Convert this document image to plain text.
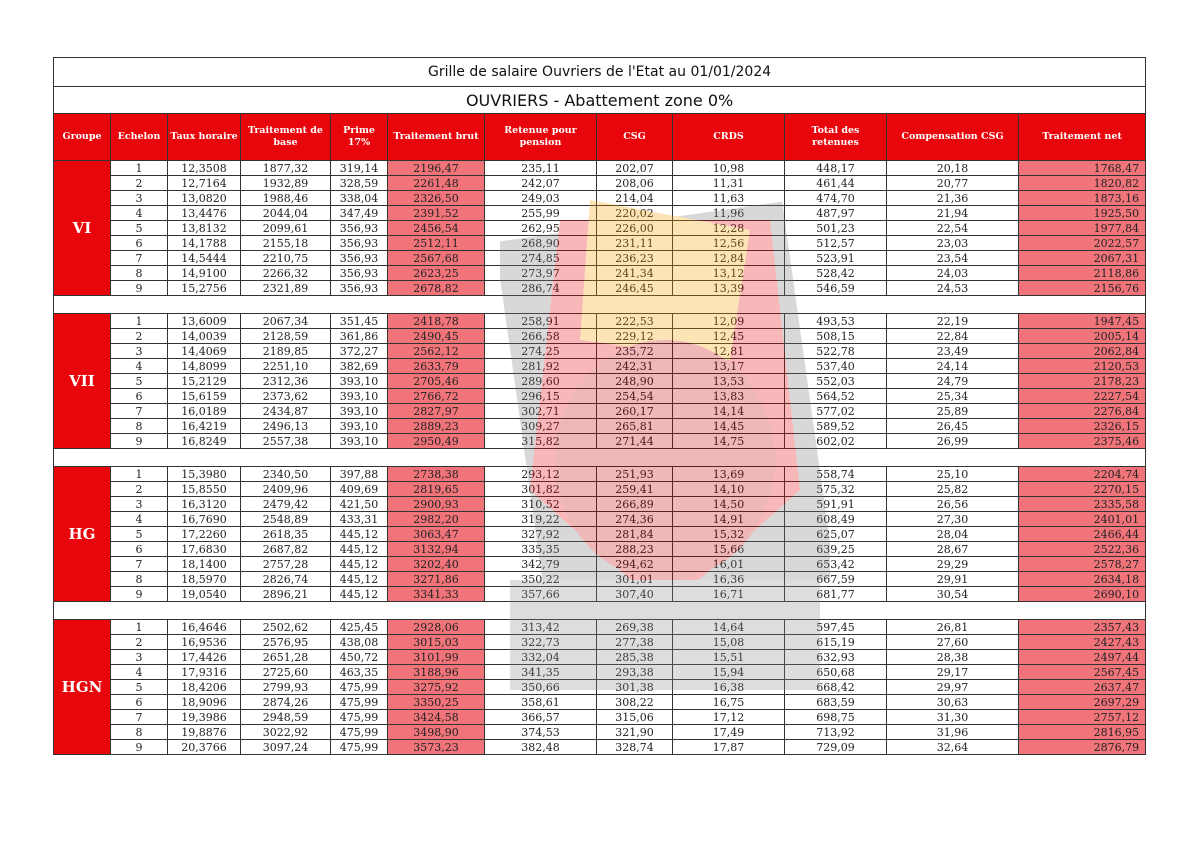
Grille de salaire Ouvriers de l'Etat au 01/01/2024											
OUVRIERS - Abattement zone 0%											
Groupe	Echelon	Taux horaire	Traitement de base	Prime 17%	Traitement brut	Retenue pour pension	CSG	CRDS	Total des retenues	Compensation CSG	Traitement net
VI	1	12,3508	1877,32	319,14	2196,47	235,11	202,07	10,98	448,17	20,18	1768,47
	2	12,7164	1932,89	328,59	2261,48	242,07	208,06	11,31	461,44	20,77	1820,82
	3	13,0820	1988,46	338,04	2326,50	249,03	214,04	11,63	474,70	21,36	1873,16
	4	13,4476	2044,04	347,49	2391,52	255,99	220,02	11,96	487,97	21,94	1925,50
	5	13,8132	2099,61	356,93	2456,54	262,95	226,00	12,28	501,23	22,54	1977,84
	6	14,1788	2155,18	356,93	2512,11	268,90	231,11	12,56	512,57	23,03	2022,57
	7	14,5444	2210,75	356,93	2567,68	274,85	236,23	12,84	523,91	23,54	2067,31
	8	14,9100	2266,32	356,93	2623,25	273,97	241,34	13,12	528,42	24,03	2118,86
	9	15,2756	2321,89	356,93	2678,82	286,74	246,45	13,39	546,59	24,53	2156,76

VII	1	13,6009	2067,34	351,45	2418,78	258,91	222,53	12,09	493,53	22,19	1947,45
	2	14,0039	2128,59	361,86	2490,45	266,58	229,12	12,45	508,15	22,84	2005,14
	3	14,4069	2189,85	372,27	2562,12	274,25	235,72	12,81	522,78	23,49	2062,84
	4	14,8099	2251,10	382,69	2633,79	281,92	242,31	13,17	537,40	24,14	2120,53
	5	15,2129	2312,36	393,10	2705,46	289,60	248,90	13,53	552,03	24,79	2178,23
	6	15,6159	2373,62	393,10	2766,72	296,15	254,54	13,83	564,52	25,34	2227,54
	7	16,0189	2434,87	393,10	2827,97	302,71	260,17	14,14	577,02	25,89	2276,84
	8	16,4219	2496,13	393,10	2889,23	309,27	265,81	14,45	589,52	26,45	2326,15
	9	16,8249	2557,38	393,10	2950,49	315,82	271,44	14,75	602,02	26,99	2375,46

HG	1	15,3980	2340,50	397,88	2738,38	293,12	251,93	13,69	558,74	25,10	2204,74
	2	15,8550	2409,96	409,69	2819,65	301,82	259,41	14,10	575,32	25,82	2270,15
	3	16,3120	2479,42	421,50	2900,93	310,52	266,89	14,50	591,91	26,56	2335,58
	4	16,7690	2548,89	433,31	2982,20	319,22	274,36	14,91	608,49	27,30	2401,01
	5	17,2260	2618,35	445,12	3063,47	327,92	281,84	15,32	625,07	28,04	2466,44
	6	17,6830	2687,82	445,12	3132,94	335,35	288,23	15,66	639,25	28,67	2522,36
	7	18,1400	2757,28	445,12	3202,40	342,79	294,62	16,01	653,42	29,29	2578,27
	8	18,5970	2826,74	445,12	3271,86	350,22	301,01	16,36	667,59	29,91	2634,18
	9	19,0540	2896,21	445,12	3341,33	357,66	307,40	16,71	681,77	30,54	2690,10

HGN	1	16,4646	2502,62	425,45	2928,06	313,42	269,38	14,64	597,45	26,81	2357,43
	2	16,9536	2576,95	438,08	3015,03	322,73	277,38	15,08	615,19	27,60	2427,43
	3	17,4426	2651,28	450,72	3101,99	332,04	285,38	15,51	632,93	28,38	2497,44
	4	17,9316	2725,60	463,35	3188,96	341,35	293,38	15,94	650,68	29,17	2567,45
	5	18,4206	2799,93	475,99	3275,92	350,66	301,38	16,38	668,42	29,97	2637,47
	6	18,9096	2874,26	475,99	3350,25	358,61	308,22	16,75	683,59	30,63	2697,29
	7	19,3986	2948,59	475,99	3424,58	366,57	315,06	17,12	698,75	31,30	2757,12
	8	19,8876	3022,92	475,99	3498,90	374,53	321,90	17,49	713,92	31,96	2816,95
	9	20,3766	3097,24	475,99	3573,23	382,48	328,74	17,87	729,09	32,64	2876,79
